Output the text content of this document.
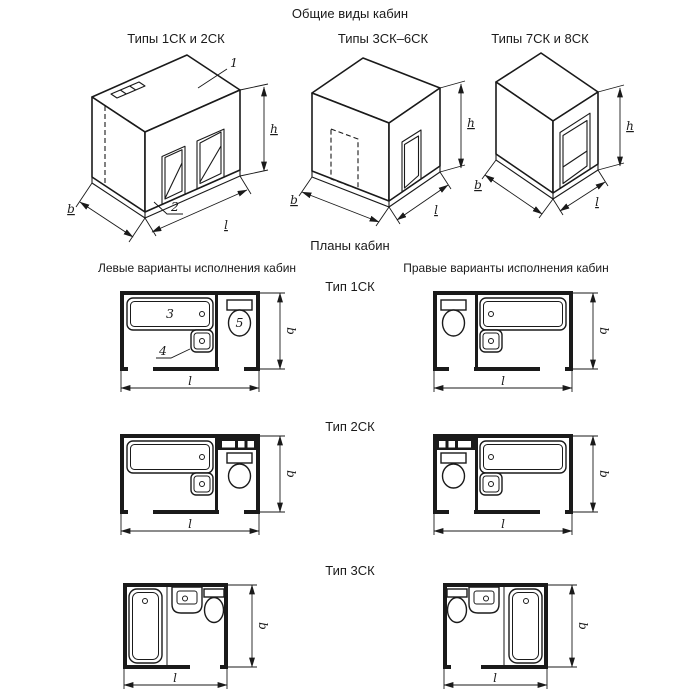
Общие виды кабин
Типы 1СК и 2СК	Типы 3СК–6СК	Типы 7СК и 8СК
Планы кабин
Левые варианты исполнения кабин	Правые варианты исполнения кабин
Тип 1СК
Тип 2СК
Тип 3СК
1
2
b
l
h
b
l
h
b
l
h
3
4
5
b
l
b
l
b
l
b
l
b
l
b
l
